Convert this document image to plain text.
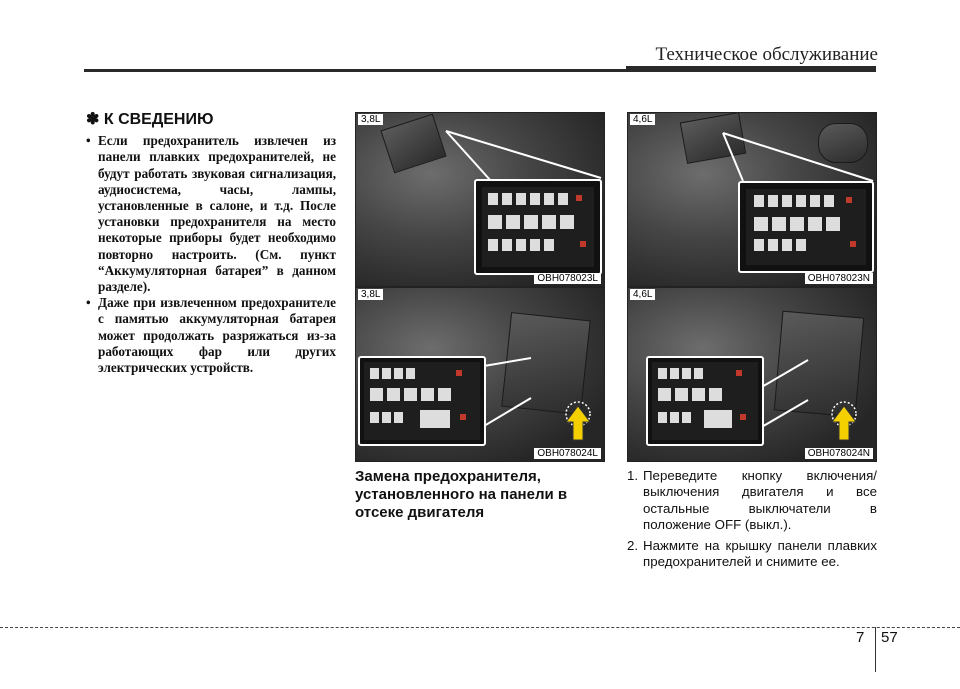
Техническое обслуживание
✽ К СВЕДЕНИЮ
• Если предохранитель извлечен из панели плавких предохранителей, не будут работать звуковая сигнализация, аудиосистема, часы, лампы, установленные в салоне, и т.д. После установки предохранителя на место некоторые приборы будет необходимо повторно настроить. (См. пункт “Аккумуляторная батарея” в данном разделе).
• Даже при извлеченном предохранителе с памятью аккумуляторная батарея может продолжать разряжаться из-за работающих фар или других электрических устройств.
3,8L
OBH078023L
4,6L
OBH078023N
3,8L
OBH078024L
4,6L
OBH078024N
Замена предохранителя, установленного на панели в отсеке двигателя
1. Переведите кнопку включения/выключения двигателя и все остальные выключатели в положение OFF (выкл.).
2. Нажмите на крышку панели плавких предохранителей и снимите ее.
7 57
